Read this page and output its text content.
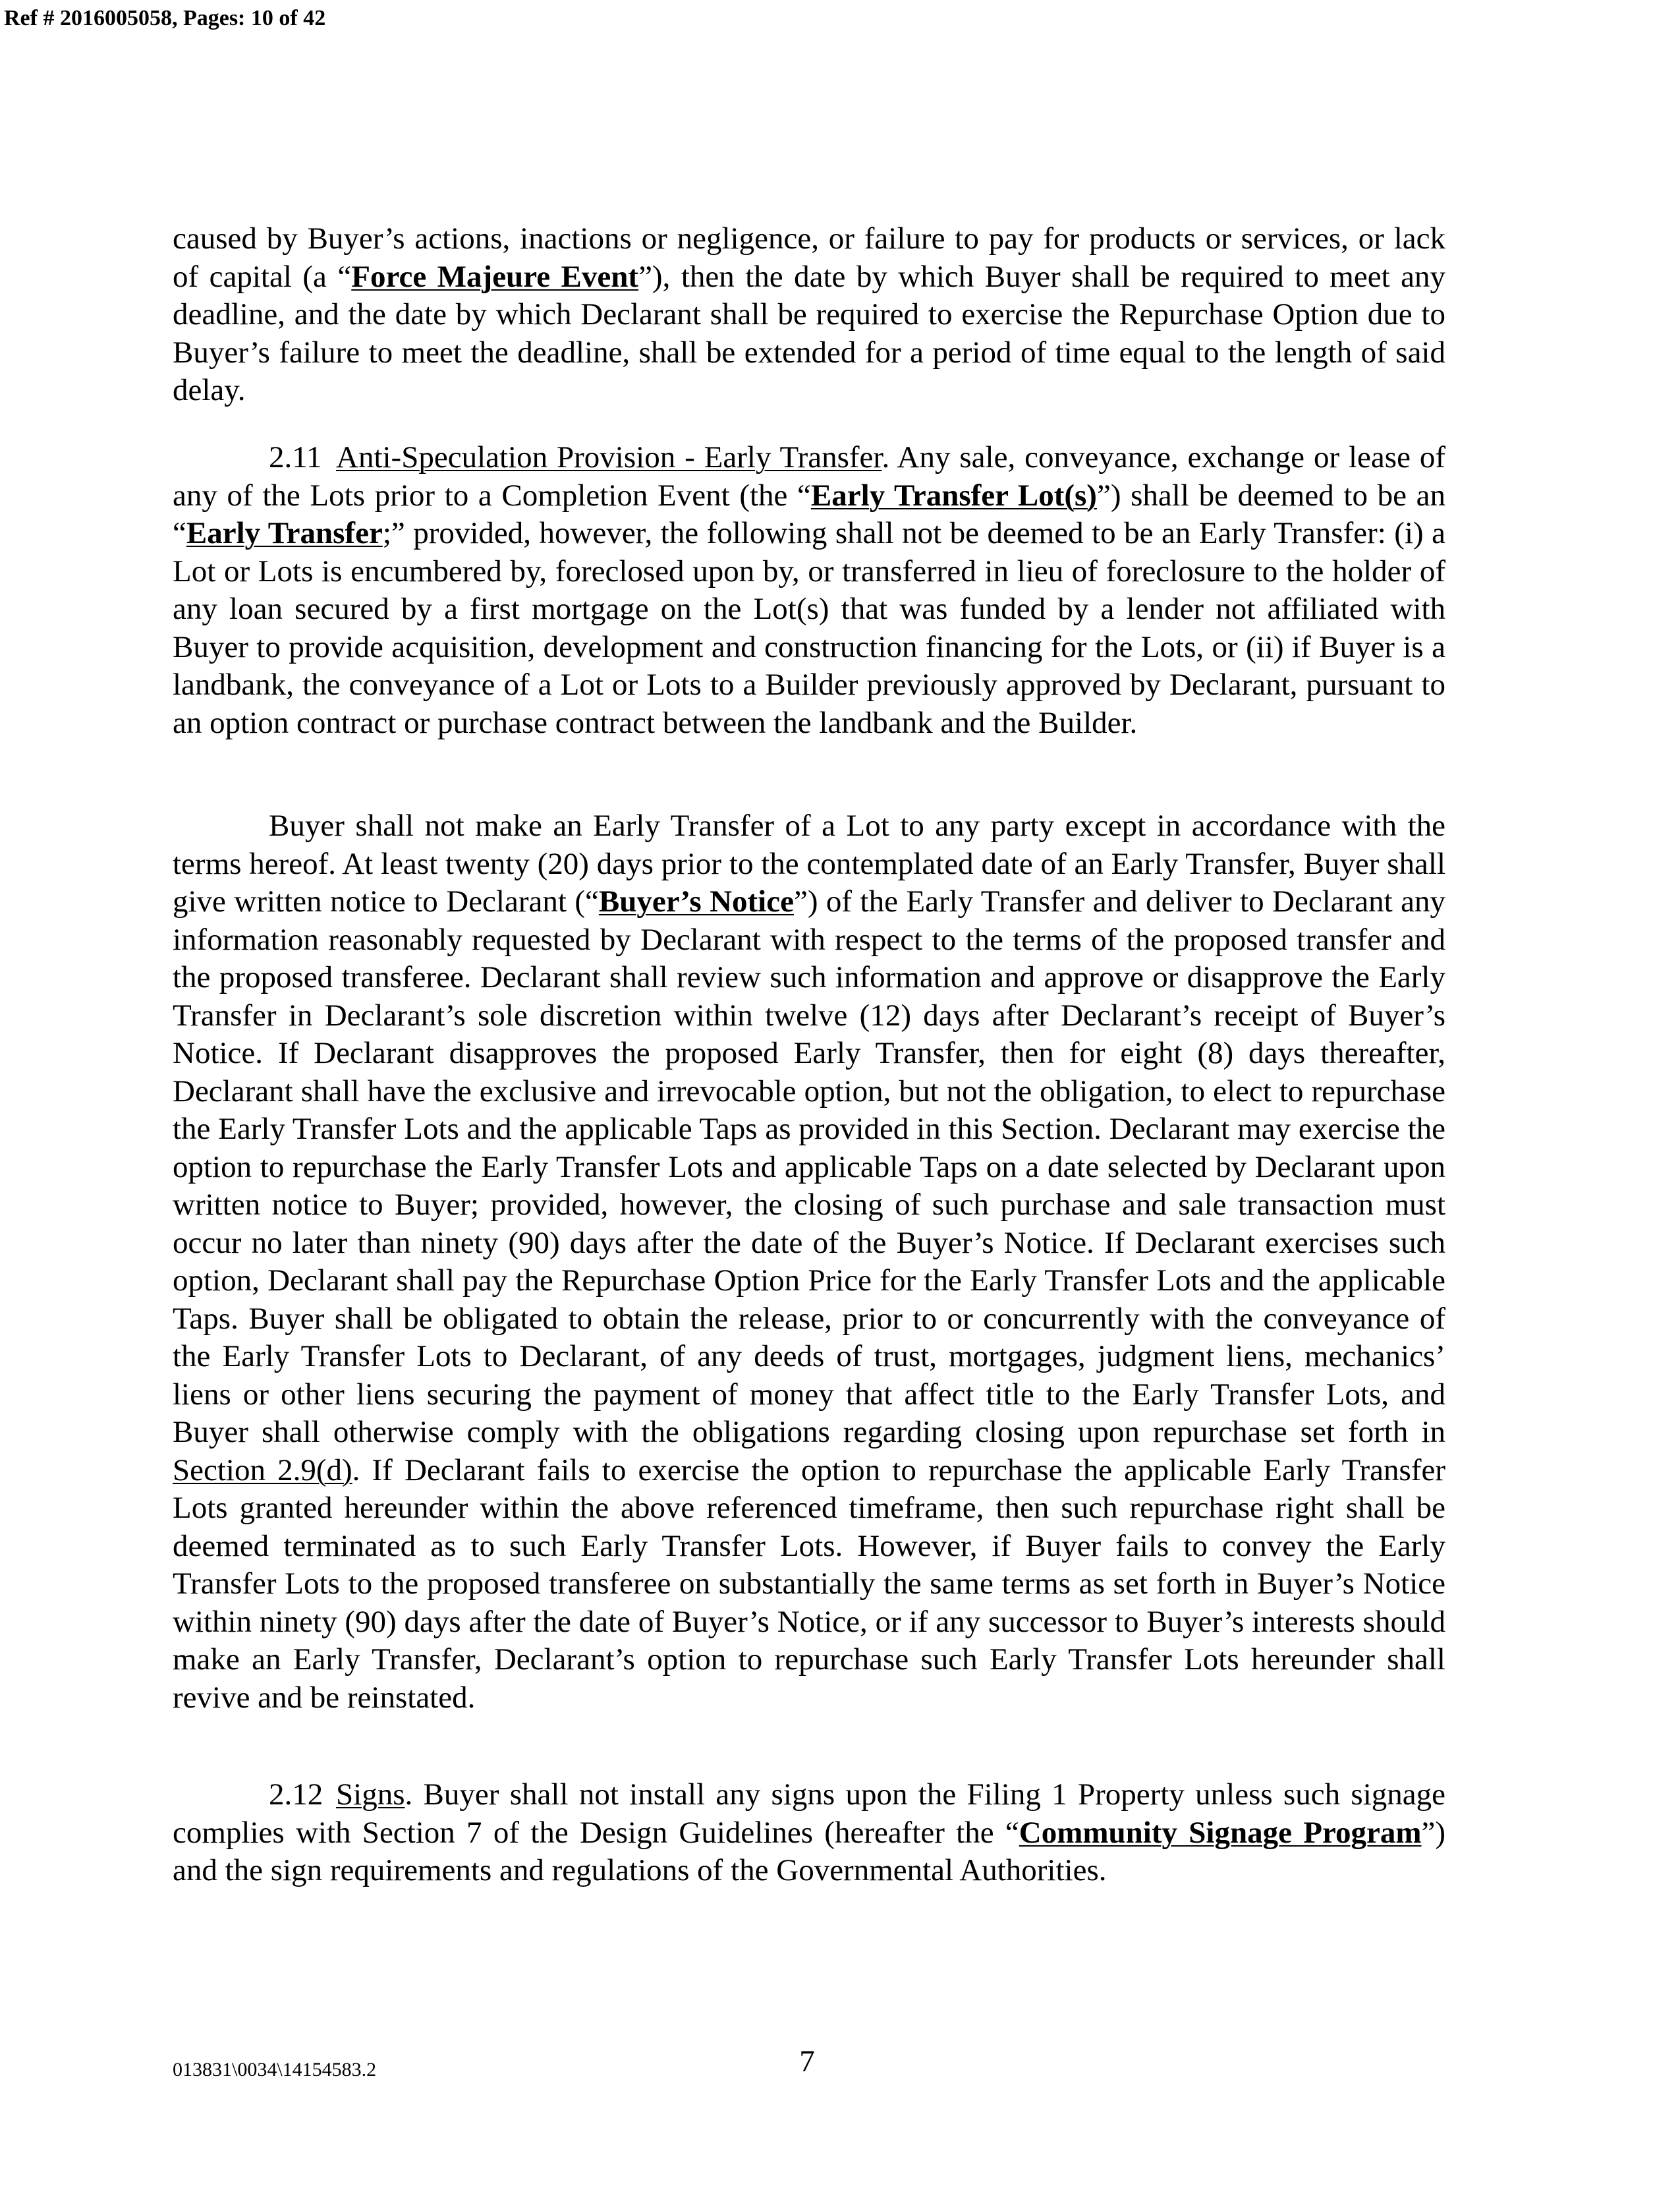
Ref # 2016005058, Pages: 10 of 42

caused by Buyer’s actions, inactions or negligence, or failure to pay for products or services, or lack of capital (a “Force Majeure Event”), then the date by which Buyer shall be required to meet any deadline, and the date by which Declarant shall be required to exercise the Repurchase Option due to Buyer’s failure to meet the deadline, shall be extended for a period of time equal to the length of said delay.

2.11 Anti-Speculation Provision - Early Transfer. Any sale, conveyance, exchange or lease of any of the Lots prior to a Completion Event (the “Early Transfer Lot(s)”) shall be deemed to be an “Early Transfer;” provided, however, the following shall not be deemed to be an Early Transfer: (i) a Lot or Lots is encumbered by, foreclosed upon by, or transferred in lieu of foreclosure to the holder of any loan secured by a first mortgage on the Lot(s) that was funded by a lender not affiliated with Buyer to provide acquisition, development and construction financing for the Lots, or (ii) if Buyer is a landbank, the conveyance of a Lot or Lots to a Builder previously approved by Declarant, pursuant to an option contract or purchase contract between the landbank and the Builder.

Buyer shall not make an Early Transfer of a Lot to any party except in accordance with the terms hereof. At least twenty (20) days prior to the contemplated date of an Early Transfer, Buyer shall give written notice to Declarant (“Buyer’s Notice”) of the Early Transfer and deliver to Declarant any information reasonably requested by Declarant with respect to the terms of the proposed transfer and the proposed transferee. Declarant shall review such information and approve or disapprove the Early Transfer in Declarant’s sole discretion within twelve (12) days after Declarant’s receipt of Buyer’s Notice. If Declarant disapproves the proposed Early Transfer, then for eight (8) days thereafter, Declarant shall have the exclusive and irrevocable option, but not the obligation, to elect to repurchase the Early Transfer Lots and the applicable Taps as provided in this Section. Declarant may exercise the option to repurchase the Early Transfer Lots and applicable Taps on a date selected by Declarant upon written notice to Buyer; provided, however, the closing of such purchase and sale transaction must occur no later than ninety (90) days after the date of the Buyer’s Notice. If Declarant exercises such option, Declarant shall pay the Repurchase Option Price for the Early Transfer Lots and the applicable Taps. Buyer shall be obligated to obtain the release, prior to or concurrently with the conveyance of the Early Transfer Lots to Declarant, of any deeds of trust, mortgages, judgment liens, mechanics’ liens or other liens securing the payment of money that affect title to the Early Transfer Lots, and Buyer shall otherwise comply with the obligations regarding closing upon repurchase set forth in Section 2.9(d). If Declarant fails to exercise the option to repurchase the applicable Early Transfer Lots granted hereunder within the above referenced timeframe, then such repurchase right shall be deemed terminated as to such Early Transfer Lots. However, if Buyer fails to convey the Early Transfer Lots to the proposed transferee on substantially the same terms as set forth in Buyer’s Notice within ninety (90) days after the date of Buyer’s Notice, or if any successor to Buyer’s interests should make an Early Transfer, Declarant’s option to repurchase such Early Transfer Lots hereunder shall revive and be reinstated.

2.12 Signs. Buyer shall not install any signs upon the Filing 1 Property unless such signage complies with Section 7 of the Design Guidelines (hereafter the “Community Signage Program”) and the sign requirements and regulations of the Governmental Authorities.

013831\0034\14154583.2	7
